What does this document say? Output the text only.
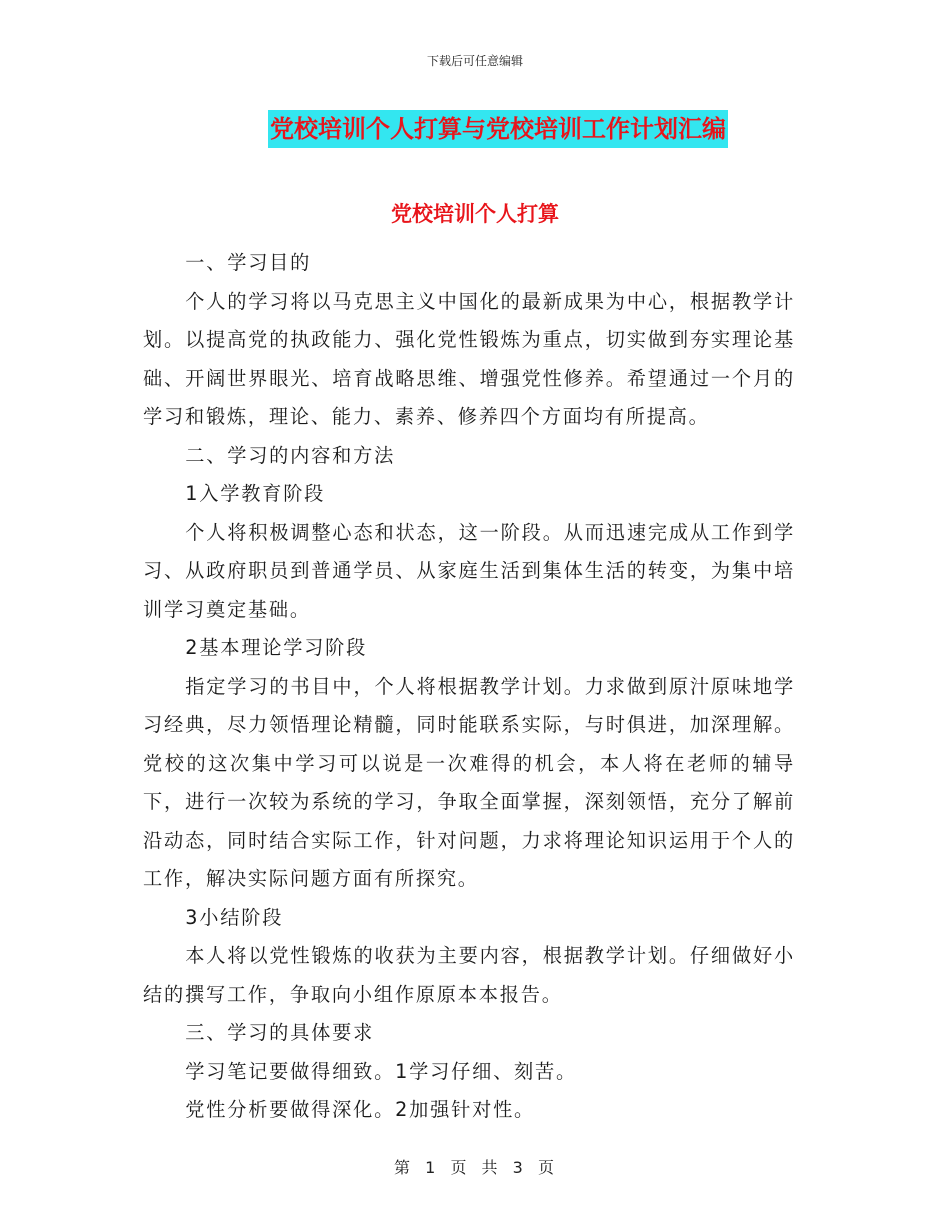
下载后可任意编辑
党校培训个人打算与党校培训工作计划汇编
党校培训个人打算

一、学习目的

个人的学习将以马克思主义中国化的最新成果为中心，根据教学计划。以提高党的执政能力、强化党性锻炼为重点，切实做到夯实理论基础、开阔世界眼光、培育战略思维、增强党性修养。希望通过一个月的学习和锻炼，理论、能力、素养、修养四个方面均有所提高。

二、学习的内容和方法

1入学教育阶段

个人将积极调整心态和状态，这一阶段。从而迅速完成从工作到学习、从政府职员到普通学员、从家庭生活到集体生活的转变，为集中培训学习奠定基础。

2基本理论学习阶段

指定学习的书目中，个人将根据教学计划。力求做到原汁原味地学习经典，尽力领悟理论精髓，同时能联系实际，与时俱进，加深理解。党校的这次集中学习可以说是一次难得的机会，本人将在老师的辅导下，进行一次较为系统的学习，争取全面掌握，深刻领悟，充分了解前沿动态，同时结合实际工作，针对问题，力求将理论知识运用于个人的工作，解决实际问题方面有所探究。

3小结阶段

本人将以党性锻炼的收获为主要内容，根据教学计划。仔细做好小结的撰写工作，争取向小组作原原本本报告。

三、学习的具体要求

学习笔记要做得细致。1学习仔细、刻苦。

党性分析要做得深化。2加强针对性。

第 1 页 共 3 页
